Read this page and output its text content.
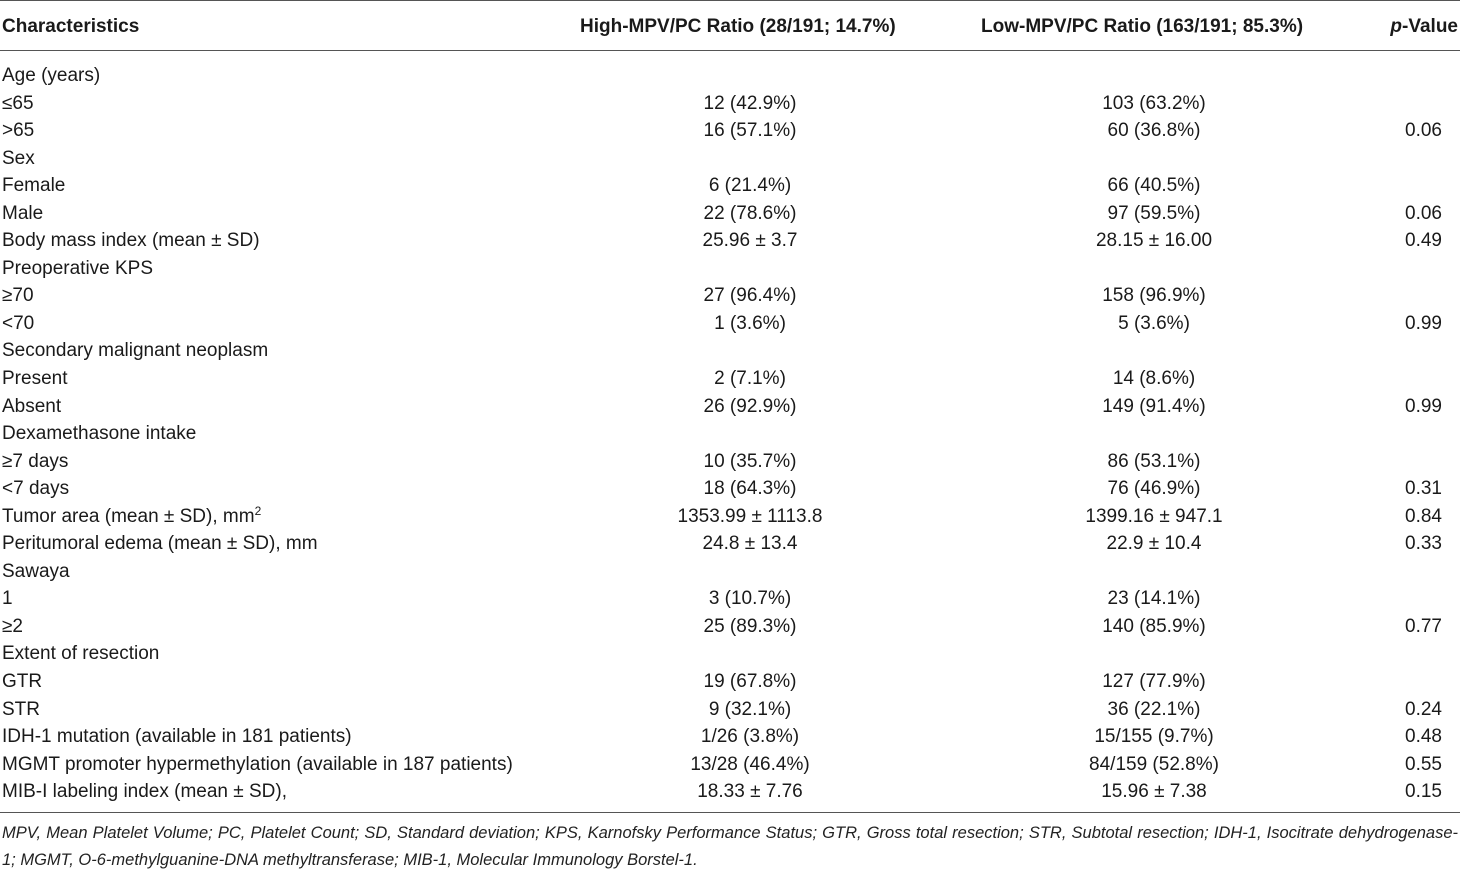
Characteristics	High-MPV/PC Ratio (28/191; 14.7%)	Low-MPV/PC Ratio (163/191; 85.3%)	p-Value
Age (years)
≤65	12 (42.9%)	103 (63.2%)
>65	16 (57.1%)	60 (36.8%)	0.06
Sex
Female	6 (21.4%)	66 (40.5%)
Male	22 (78.6%)	97 (59.5%)	0.06
Body mass index (mean ± SD)	25.96 ± 3.7	28.15 ± 16.00	0.49
Preoperative KPS
≥70	27 (96.4%)	158 (96.9%)
<70	1 (3.6%)	5 (3.6%)	0.99
Secondary malignant neoplasm
Present	2 (7.1%)	14 (8.6%)
Absent	26 (92.9%)	149 (91.4%)	0.99
Dexamethasone intake
≥7 days	10 (35.7%)	86 (53.1%)
<7 days	18 (64.3%)	76 (46.9%)	0.31
Tumor area (mean ± SD), $mm^2$	1353.99 ± 1113.8	1399.16 ± 947.1	0.84
Peritumoral edema (mean ± SD), mm	24.8 ± 13.4	22.9 ± 10.4	0.33
Sawaya
1	3 (10.7%)	23 (14.1%)
≥2	25 (89.3%)	140 (85.9%)	0.77
Extent of resection
GTR	19 (67.8%)	127 (77.9%)
STR	9 (32.1%)	36 (22.1%)	0.24
IDH-1 mutation (available in 181 patients)	1/26 (3.8%)	15/155 (9.7%)	0.48
MGMT promoter hypermethylation (available in 187 patients)	13/28 (46.4%)	84/159 (52.8%)	0.55
MIB-I labeling index (mean ± SD),	18.33 ± 7.76	15.96 ± 7.38	0.15
MPV, Mean Platelet Volume; PC, Platelet Count; SD, Standard deviation; KPS, Karnofsky Performance Status; GTR, Gross total resection; STR, Subtotal resection; IDH-1, Isocitrate dehydrogenase-1; MGMT, O-6-methylguanine-DNA methyltransferase; MIB-1, Molecular Immunology Borstel-1.
